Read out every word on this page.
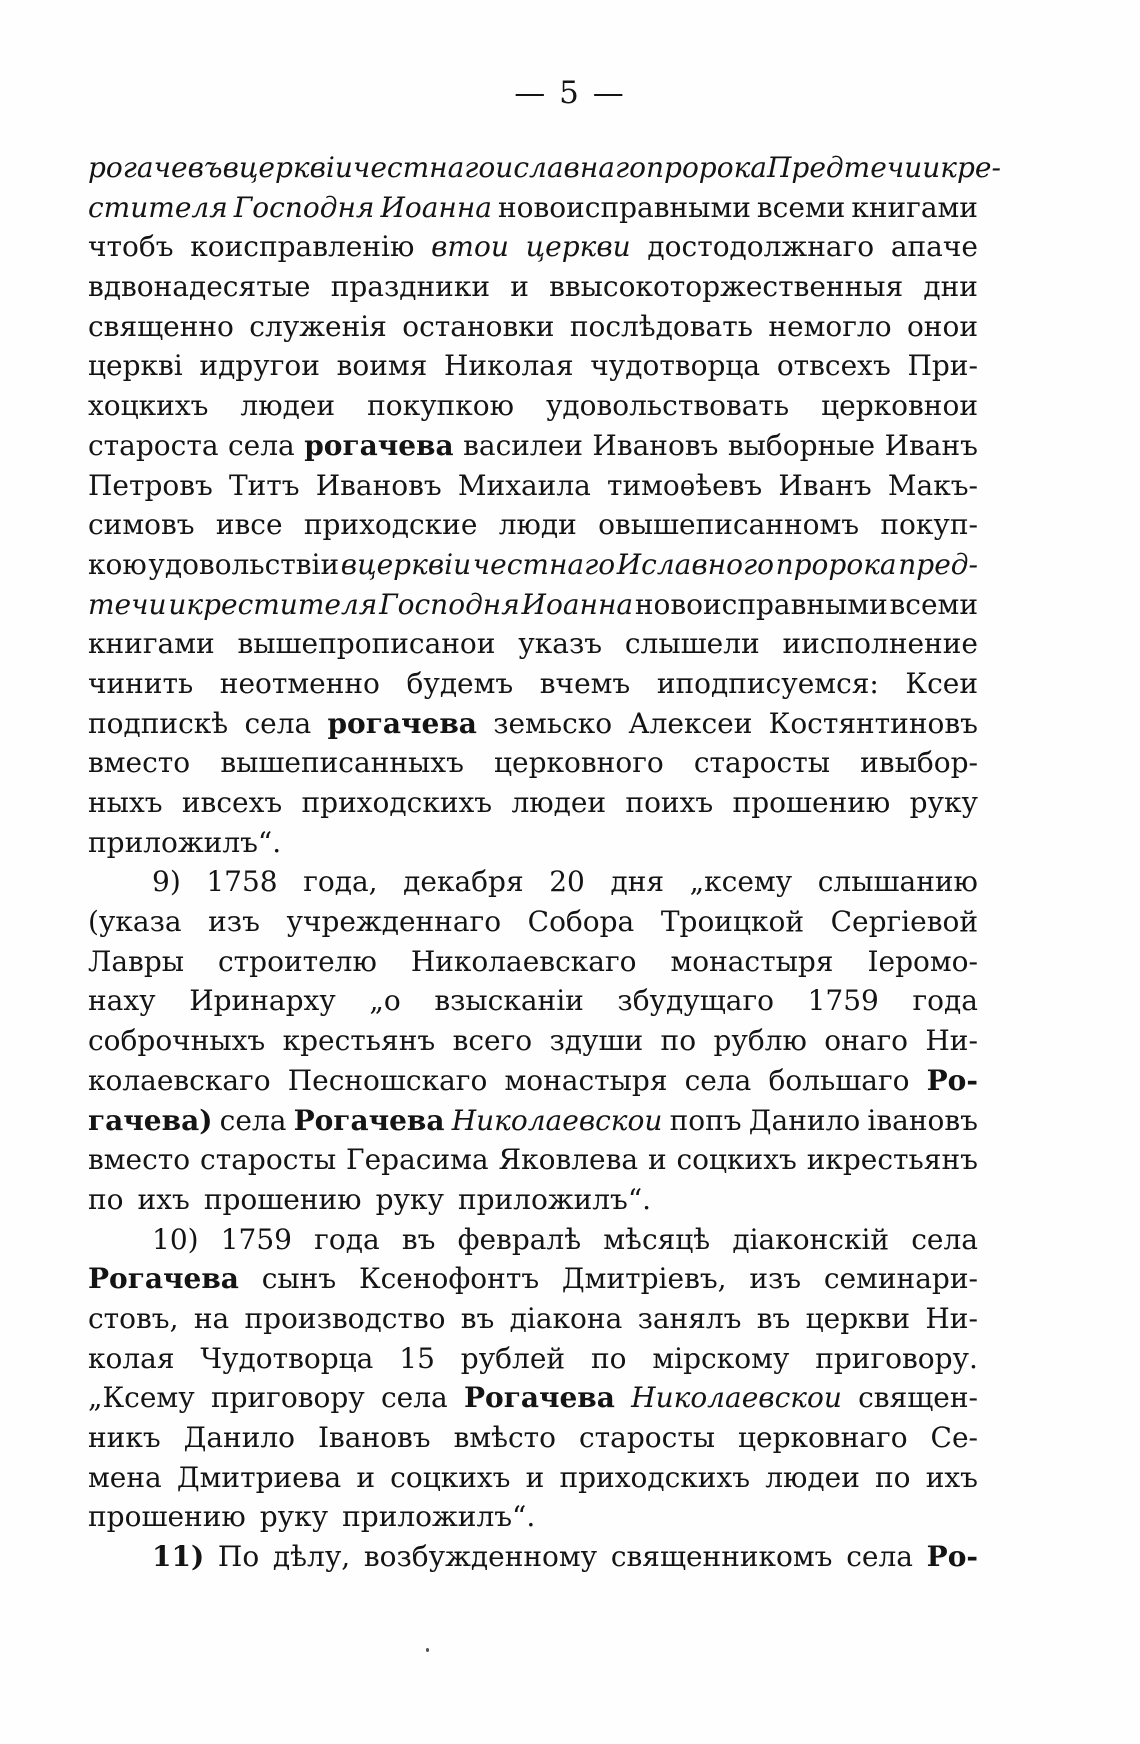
— 5 —
рогачевъ вцерквіи честнаго иславнаго пророка Предтечи и кре-
стителя Господня Иоанна новоисправными всеми книгами
чтобъ коисправленію втои церкви достодолжнаго апаче
вдвонадесятые праздники и ввысокоторжественныя дни
священно служенія остановки послѣдовать немогло онои
церкві идругои воимя Николая чудотворца отвсехъ При-
хоцкихъ людеи покупкою удовольствовать церковнои
староста села рогачева василеи Ивановъ выборные Иванъ
Петровъ Титъ Ивановъ Михаила тимоѳѣевъ Иванъ Макъ-
симовъ ивсе приходские люди овышеписанномъ покуп-
кою удовольствіи вцерквіи честнаго Иславного пророка пред-
течи икрестителя Господня Иоанна новоисправными всеми
книгами вышепрописанои указъ слышели иисполнение
чинить неотменно будемъ вчемъ иподписуемся: Ксеи
подпискѣ села рогачева земьско Алексеи Костянтиновъ
вместо вышеписанныхъ церковного старосты ивыбор-
ныхъ ивсехъ приходскихъ людеи поихъ прошению руку
приложилъ“.
9) 1758 года, декабря 20 дня „ксему слышанию
(указа изъ учрежденнаго Собора Троицкой Сергіевой
Лавры строителю Николаевскаго монастыря Іеромо-
наху Иринарху „о взысканіи збудущаго 1759 года
соброчныхъ крестьянъ всего здуши по рублю онаго Ни-
колаевскаго Песношскаго монастыря села большаго Ро-
гачева) села Рогачева Николаевскои попъ Данило івановъ
вместо старосты Герасима Яковлева и соцкихъ икрестьянъ
по ихъ прошению руку приложилъ“.
10) 1759 года въ февралѣ мѣсяцѣ діаконскій села
Рогачева сынъ Ксенофонтъ Дмитріевъ, изъ семинари-
стовъ, на производство въ діакона занялъ въ церкви Ни-
колая Чудотворца 15 рублей по мірскому приговору.
„Ксему приговору села Рогачева Николаевскои священ-
никъ Данило Івановъ вмѣсто старосты церковнаго Се-
мена Дмитриева и соцкихъ и приходскихъ людеи по ихъ
прошению руку приложилъ“.
11) По дѣлу, возбужденному священникомъ села Ро-
